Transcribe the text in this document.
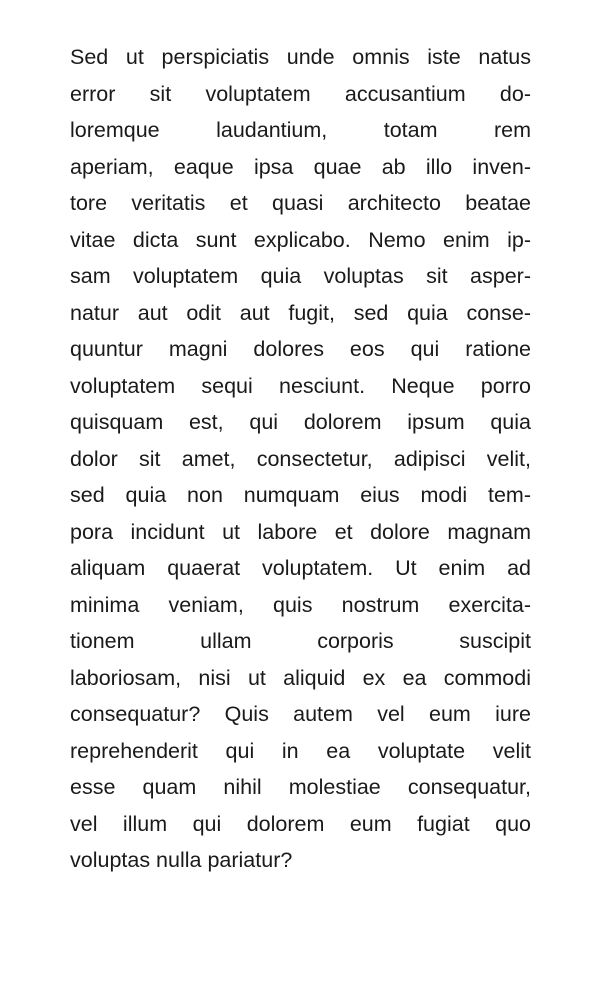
Sed ut perspiciatis unde omnis iste natus
error sit voluptatem accusantium do-
loremque laudantium, totam rem
aperiam, eaque ipsa quae ab illo inven-
tore veritatis et quasi architecto beatae
vitae dicta sunt explicabo. Nemo enim ip-
sam voluptatem quia voluptas sit asper-
natur aut odit aut fugit, sed quia conse-
quuntur magni dolores eos qui ratione
voluptatem sequi nesciunt. Neque porro
quisquam est, qui dolorem ipsum quia
dolor sit amet, consectetur, adipisci velit,
sed quia non numquam eius modi tem-
pora incidunt ut labore et dolore magnam
aliquam quaerat voluptatem. Ut enim ad
minima veniam, quis nostrum exercita-
tionem ullam corporis suscipit
laboriosam, nisi ut aliquid ex ea commodi
consequatur? Quis autem vel eum iure
reprehenderit qui in ea voluptate velit
esse quam nihil molestiae consequatur,
vel illum qui dolorem eum fugiat quo
voluptas nulla pariatur?
